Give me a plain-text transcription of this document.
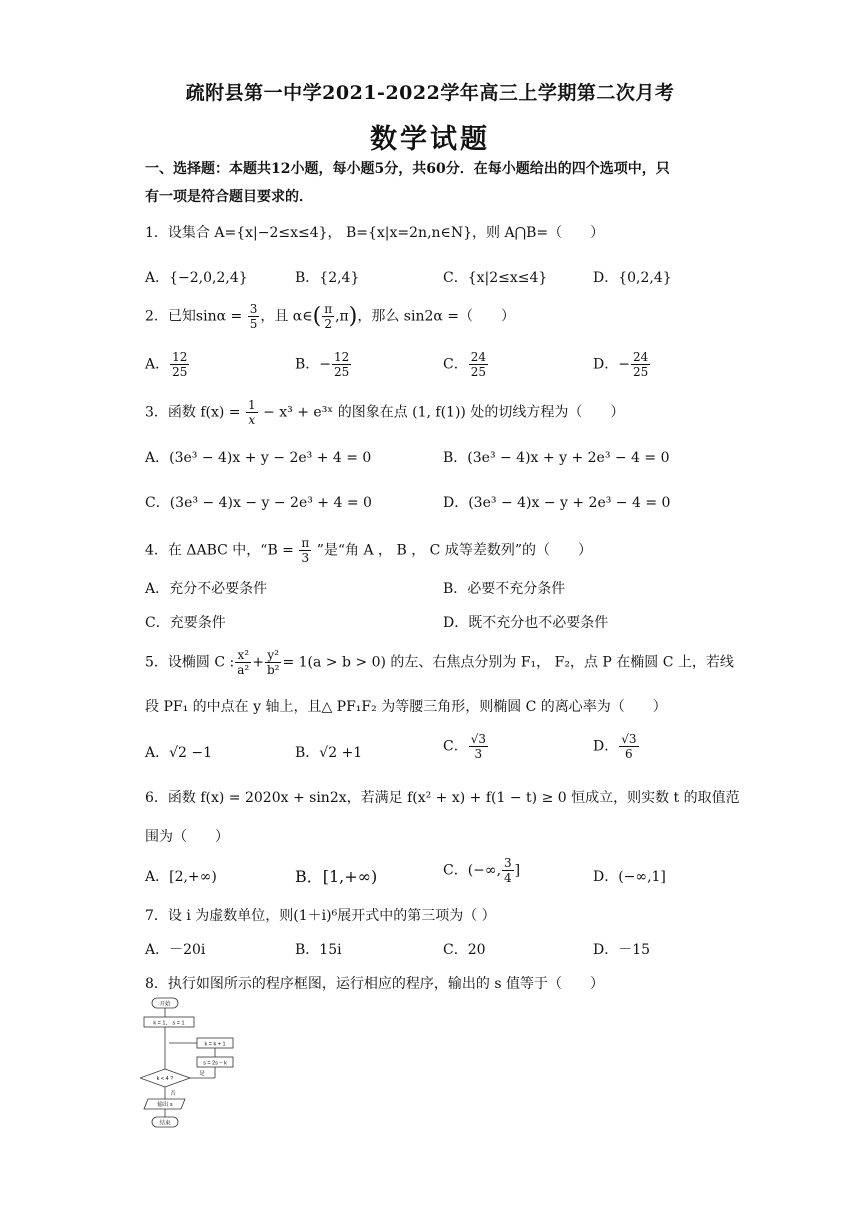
疏附县第一中学2021-2022学年高三上学期第二次月考
数学试题
一、选择题：本题共12小题，每小题5分，共60分．在每小题给出的四个选项中，只
有一项是符合题目要求的．
1．设集合 A={x|−2≤x≤4}， B={x|x=2n,n∈N}，则 A⋂B=（　　）
A．{−2,0,2,4}	B．{2,4}	C．{x|2≤x≤4}	D．{0,2,4}
2．已知$\sin\alpha = \frac{3}{5}$ ，且 α∈( $\frac{\pi}{2} ,\pi$)，那么 sin2α =（　　）
A． $\frac{12}{25}$	B．− $\frac{12}{25}$	C． $\frac{24}{25}$	D．− $\frac{24}{25}$
3．函数 $f(x) = \frac{1}{x} - x^3$ + e³ˣ 的图象在点 (1, f(1)) 处的切线方程为（　　）
A．(3e³ − 4)x + y − 2e³ + 4 = 0	B．(3e³ − 4)x + y + 2e³ − 4 = 0
C．(3e³ − 4)x − y − 2e³ + 4 = 0	D．(3e³ − 4)x − y + 2e³ − 4 = 0
4．在 ΔABC 中，“$B = \frac{\pi}{3}$ ”是“角 A ， B ， C 成等差数列”的（　　）
A．充分不必要条件	B．必要不充分条件
C．充要条件	D．既不充分也不必要条件
5．设椭圆 C : $\frac{\text{x²}}{\text{a²}} + \frac{\text{y²}}{\text{b²}} = 1(a > b > 0)$ 的左、右焦点分别为 F₁， F₂，点 P 在椭圆 C 上，若线
段 PF₁ 的中点在 y 轴上，且△ PF₁F₂ 为等腰三角形，则椭圆 C 的离心率为（　　）
A．√2 −1	B．√2 +1	C． $\frac{√3}{3}$	D． $\frac{√3}{6}$
6．函数 f(x) = 2020x + sin2x，若满足 f(x² + x) + f(1 − t) ≥ 0 恒成立，则实数 t 的取值范
围为（　　）
A．[2,+∞)	B．[1,+∞)	C．(−∞, $\frac{3}{4}$ ]	D．(−∞,1]
7．设 i 为虚数单位，则(1＋i)⁶展开式中的第三项为（ ）
A．－20i	B．15i	C．20	D．－15
8．执行如图所示的程序框图，运行相应的程序，输出的 s 值等于（　　）
开始
k = 1， s = 1
k = k + 1
s = 2s − k
k < 4 ?
是
否
输出 s
结束
